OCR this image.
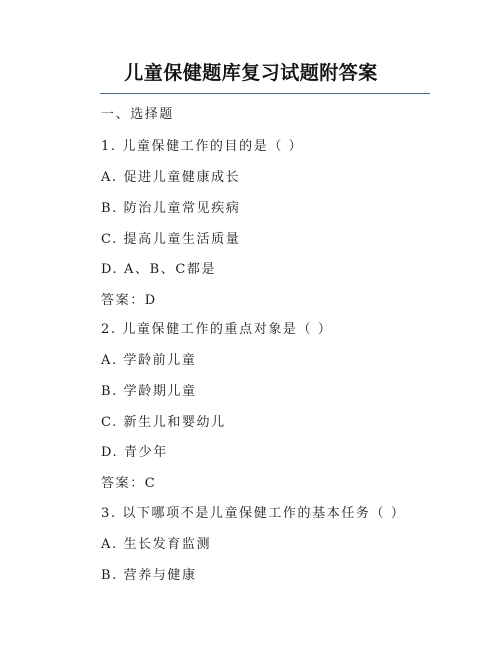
儿童保健题库复习试题附答案
一、选择题
1. 儿童保健工作的目的是（ ）
A. 促进儿童健康成长
B. 防治儿童常见疾病
C. 提高儿童生活质量
D. A、B、C都是
答案：D
2. 儿童保健工作的重点对象是（ ）
A. 学龄前儿童
B. 学龄期儿童
C. 新生儿和婴幼儿
D. 青少年
答案：C
3. 以下哪项不是儿童保健工作的基本任务（ ）
A. 生长发育监测
B. 营养与健康
